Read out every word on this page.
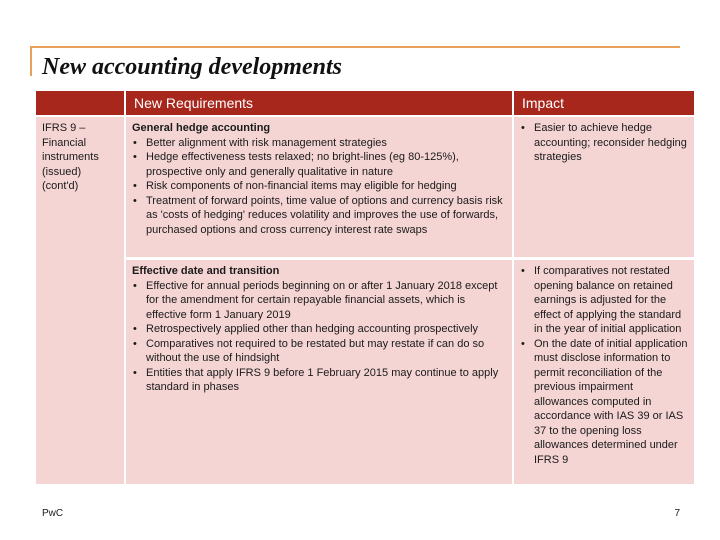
New accounting developments
New Requirements	Impact
IFRS 9 – Financial instruments (issued) (cont'd)
General hedge accounting
• Better alignment with risk management strategies
• Hedge effectiveness tests relaxed; no bright-lines (eg 80-125%), prospective only and generally qualitative in nature
• Risk components of non-financial items may eligible for hedging
• Treatment of forward points, time value of options and currency basis risk as 'costs of hedging' reduces volatility and improves the use of forwards, purchased options and cross currency interest rate swaps
• Easier to achieve hedge accounting; reconsider hedging strategies
Effective date and transition
• Effective for annual periods beginning on or after 1 January 2018 except for the amendment for certain repayable financial assets, which is effective form 1 January 2019
• Retrospectively applied other than hedging accounting prospectively
• Comparatives not required to be restated but may restate if can do so without the use of hindsight
• Entities that apply IFRS 9 before 1 February 2015 may continue to apply standard in phases
• If comparatives not restated opening balance on retained earnings is adjusted for the effect of applying the standard in the year of initial application
• On the date of initial application must disclose information to permit reconciliation of the previous impairment allowances computed in accordance with IAS 39 or IAS 37 to the opening loss allowances determined under IFRS 9
PwC	7
